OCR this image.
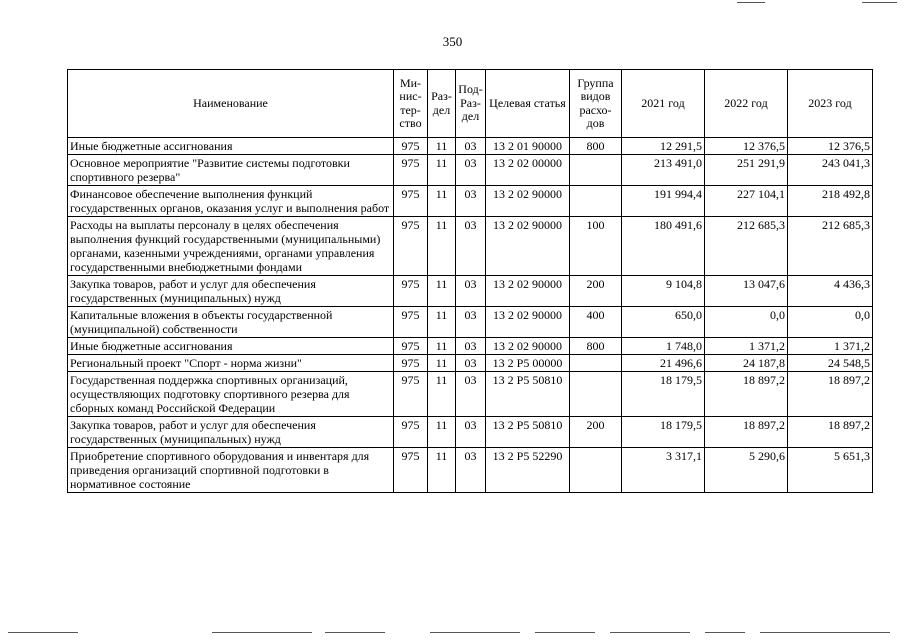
350
Наименование	Ми-нис-тер-ство	Раз-дел	Под-Раз-дел	Целевая статья	Группа видов расхо-дов	2021 год	2022 год	2023 год
Иные бюджетные ассигнования	975	11	03	13 2 01 90000	800	12 291,5	12 376,5	12 376,5
Основное мероприятие "Развитие системы подготовки спортивного резерва"	975	11	03	13 2 02 00000		213 491,0	251 291,9	243 041,3
Финансовое обеспечение выполнения функций государственных органов, оказания услуг и выполнения работ	975	11	03	13 2 02 90000		191 994,4	227 104,1	218 492,8
Расходы на выплаты персоналу в целях обеспечения выполнения функций государственными (муниципальными) органами, казенными учреждениями, органами управления государственными внебюджетными фондами	975	11	03	13 2 02 90000	100	180 491,6	212 685,3	212 685,3
Закупка товаров, работ и услуг для обеспечения государственных (муниципальных) нужд	975	11	03	13 2 02 90000	200	9 104,8	13 047,6	4 436,3
Капитальные вложения в объекты государственной (муниципальной) собственности	975	11	03	13 2 02 90000	400	650,0	0,0	0,0
Иные бюджетные ассигнования	975	11	03	13 2 02 90000	800	1 748,0	1 371,2	1 371,2
Региональный проект "Спорт - норма жизни"	975	11	03	13 2 P5 00000		21 496,6	24 187,8	24 548,5
Государственная поддержка спортивных организаций, осуществляющих подготовку спортивного резерва для сборных команд Российской Федерации	975	11	03	13 2 P5 50810		18 179,5	18 897,2	18 897,2
Закупка товаров, работ и услуг для обеспечения государственных (муниципальных) нужд	975	11	03	13 2 P5 50810	200	18 179,5	18 897,2	18 897,2
Приобретение спортивного оборудования и инвентаря для приведения организаций спортивной подготовки в нормативное состояние	975	11	03	13 2 P5 52290		3 317,1	5 290,6	5 651,3
